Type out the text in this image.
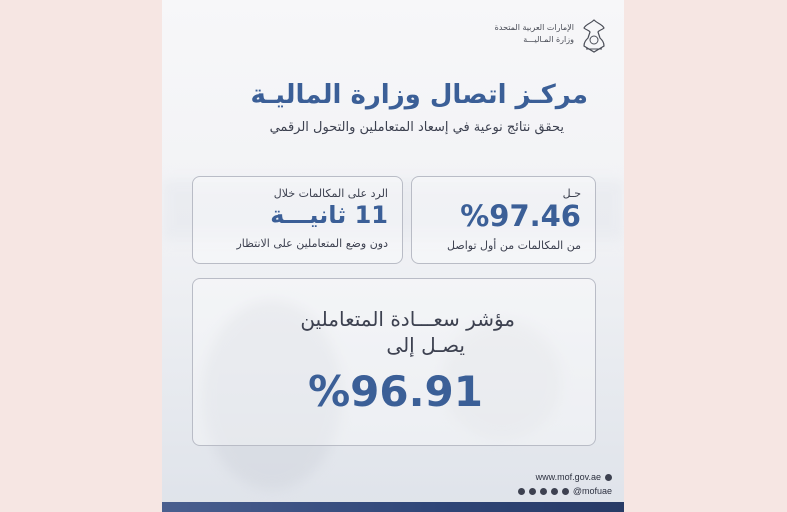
الإمارات العربية المتحدة
وزارة المـاليـــة
مركـز اتصال وزارة الماليـة
يحقق نتائج نوعية في إسعاد المتعاملين والتحول الرقمي
حـل
%97.46
من المكالمات من أول تواصل
الرد على المكالمات خلال
11 ثانيـــة
دون وضع المتعاملين على الانتظار
مؤشر سعـــادة المتعاملين
يصـل إلى
%96.91
www.mof.gov.ae
@mofuae
